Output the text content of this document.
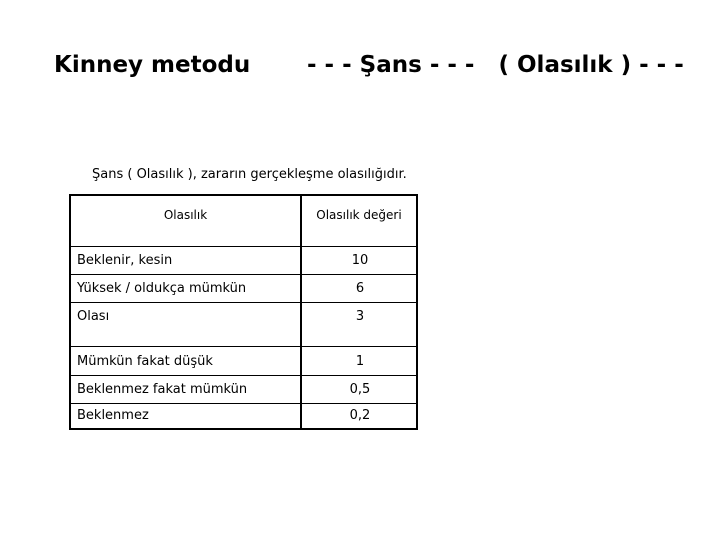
Kinney metodu - - - Şans - - -   ( Olasılık ) - - -
Şans ( Olasılık ), zararın gerçekleşme olasılığıdır.
Olasılık	Olasılık değeri
Beklenir, kesin	10
Yüksek / oldukça mümkün	6
Olası	3
Mümkün fakat düşük	1
Beklenmez fakat mümkün	0,5
Beklenmez	0,2
